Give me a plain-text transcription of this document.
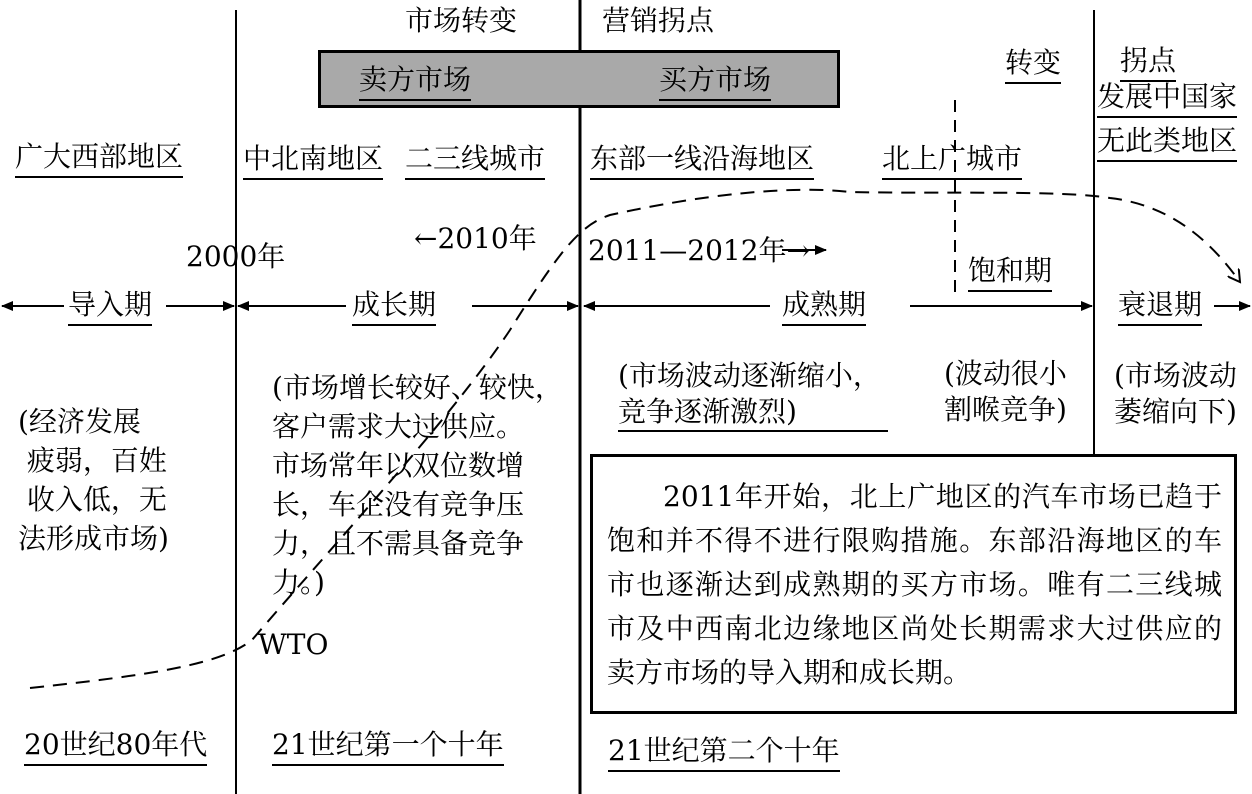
市场转变	营销拐点
转变 拐点
卖方市场	买方市场
广大西部地区 中北南地区 二三线城市 东部一线沿海地区 北上广城市
发展中国家
无此类地区
2000年
←2010年 2011—2012年→
WTO
导入期	成长期	成熟期
饱和期
衰退期
(经济发展
疲弱，百姓
收入低，无
法形成市场)
(市场增长较好、较快，
客户需求大过供应。
市场常年以双位数增
长，车企没有竞争压
力，且不需具备竞争
力。)
(市场波动逐渐缩小，
竞争逐渐激烈)
(波动很小
割喉竞争)
(市场波动
萎缩向下)
2011年开始，北上广地区的汽车市场已趋于饱和并不得不进行限购措施。东部沿海地区的车市也逐渐达到成熟期的买方市场。唯有二三线城市及中西南北边缘地区尚处长期需求大过供应的卖方市场的导入期和成长期。
20世纪80年代 21世纪第一个十年	21世纪第二个十年
